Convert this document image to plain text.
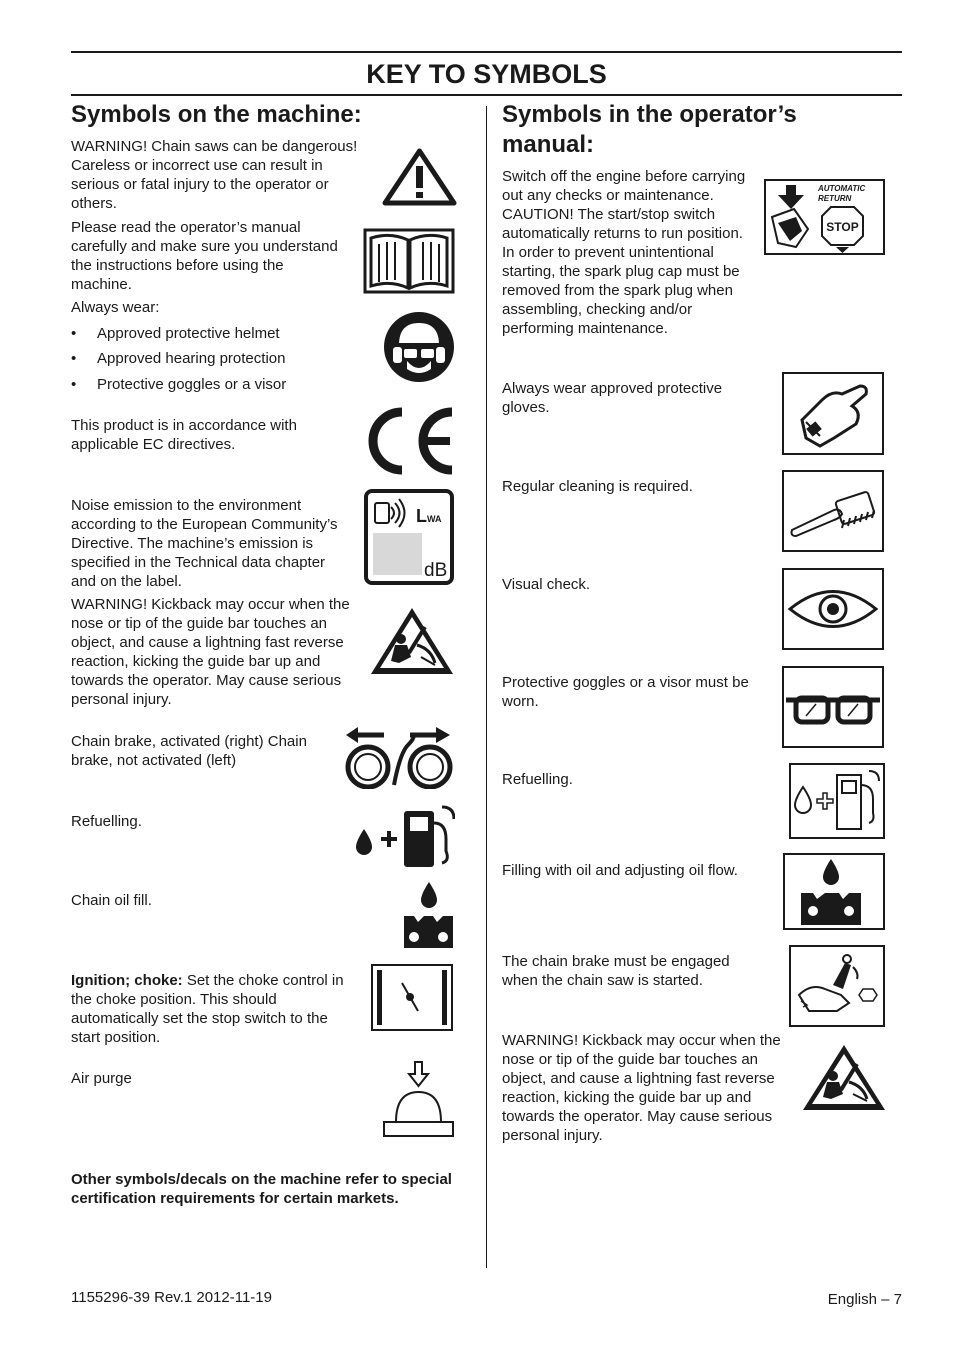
KEY TO SYMBOLS
Symbols on the machine:

WARNING! Chain saws can be dangerous! Careless or incorrect use can result in serious or fatal injury to the operator or others.

Please read the operator’s manual carefully and make sure you understand the instructions before using the machine.

Always wear:

• Approved protective helmet
• Approved hearing protection
• Protective goggles or a visor

This product is in accordance with applicable EC directives.

Noise emission to the environment according to the European Community’s Directive. The machine’s emission is specified in the Technical data chapter and on the label.

L WA
dB

WARNING! Kickback may occur when the nose or tip of the guide bar touches an object, and cause a lightning fast reverse reaction, kicking the guide bar up and towards the operator. May cause serious personal injury.

Chain brake, activated (right) Chain brake, not activated (left)

Refuelling.

Chain oil fill.

Ignition; choke: Set the choke control in the choke position. This should automatically set the stop switch to the start position.

Air purge

Other symbols/decals on the machine refer to special certification requirements for certain markets.

Symbols in the operator’s manual:

Switch off the engine before carrying out any checks or maintenance. CAUTION! The start/stop switch automatically returns to run position. In order to prevent unintentional starting, the spark plug cap must be removed from the spark plug when assembling, checking and/or performing maintenance.

AUTOMATIC
RETURN
STOP

Always wear approved protective gloves.

Regular cleaning is required.

Visual check.

Protective goggles or a visor must be worn.

Refuelling.

Filling with oil and adjusting oil flow.

The chain brake must be engaged when the chain saw is started.

WARNING! Kickback may occur when the nose or tip of the guide bar touches an object, and cause a lightning fast reverse reaction, kicking the guide bar up and towards the operator. May cause serious personal injury.

1155296-39 Rev.1 2012-11-19	English – 7
